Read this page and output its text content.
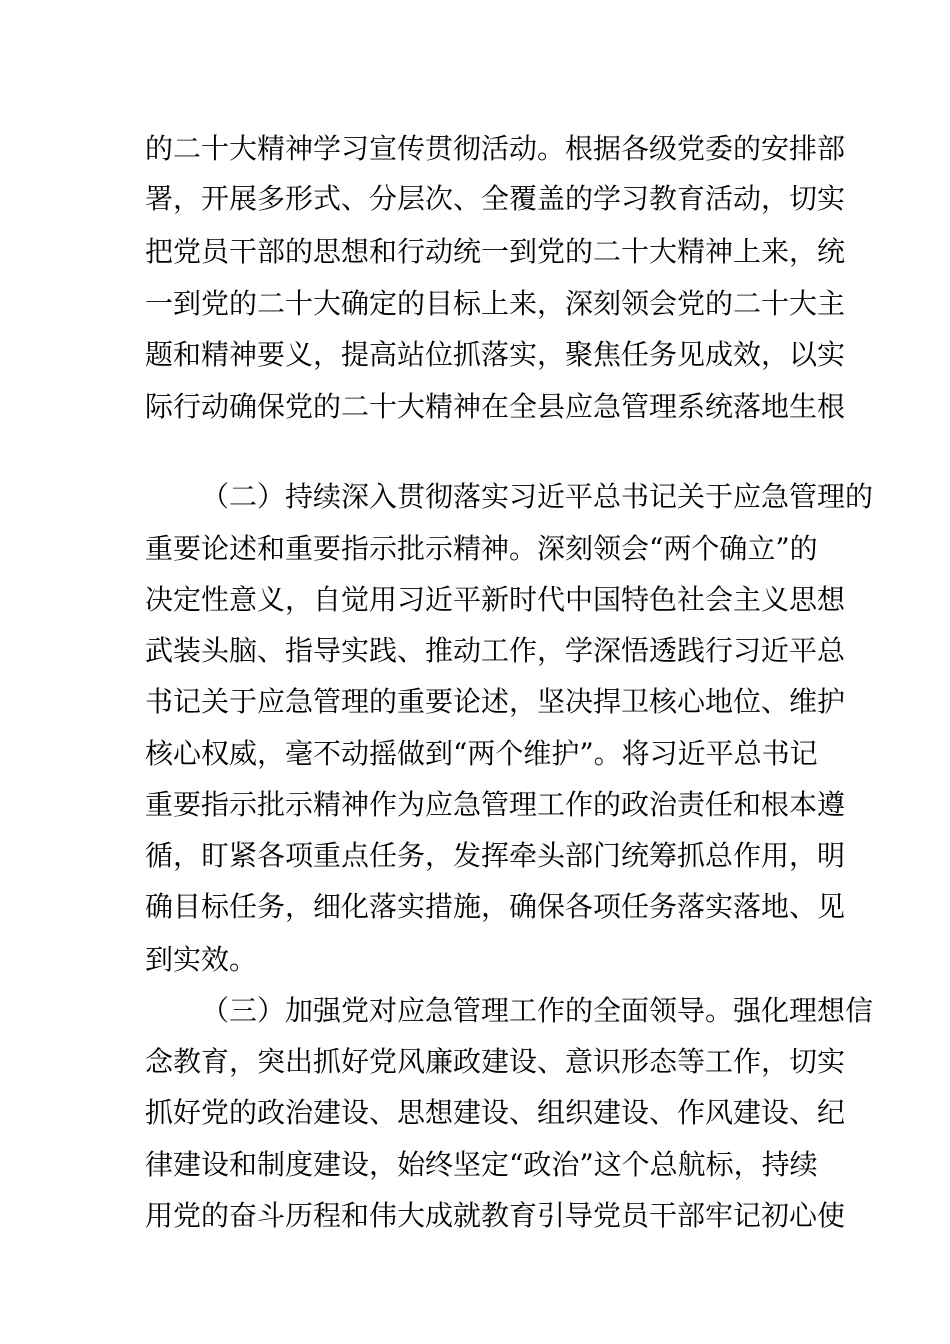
的二十大精神学习宣传贯彻活动。根据各级党委的安排部
署，开展多形式、分层次、全覆盖的学习教育活动，切实
把党员干部的思想和行动统一到党的二十大精神上来，统
一到党的二十大确定的目标上来，深刻领会党的二十大主
题和精神要义，提高站位抓落实，聚焦任务见成效，以实
际行动确保党的二十大精神在全县应急管理系统落地生根
（二）持续深入贯彻落实习近平总书记关于应急管理的
重要论述和重要指示批示精神。深刻领会“两个确立”的
决定性意义，自觉用习近平新时代中国特色社会主义思想
武装头脑、指导实践、推动工作，学深悟透践行习近平总
书记关于应急管理的重要论述，坚决捍卫核心地位、维护
核心权威，毫不动摇做到“两个维护”。将习近平总书记
重要指示批示精神作为应急管理工作的政治责任和根本遵
循，盯紧各项重点任务，发挥牵头部门统筹抓总作用，明
确目标任务，细化落实措施，确保各项任务落实落地、见
到实效。
（三）加强党对应急管理工作的全面领导。强化理想信
念教育，突出抓好党风廉政建设、意识形态等工作，切实
抓好党的政治建设、思想建设、组织建设、作风建设、纪
律建设和制度建设，始终坚定“政治”这个总航标，持续
用党的奋斗历程和伟大成就教育引导党员干部牢记初心使
